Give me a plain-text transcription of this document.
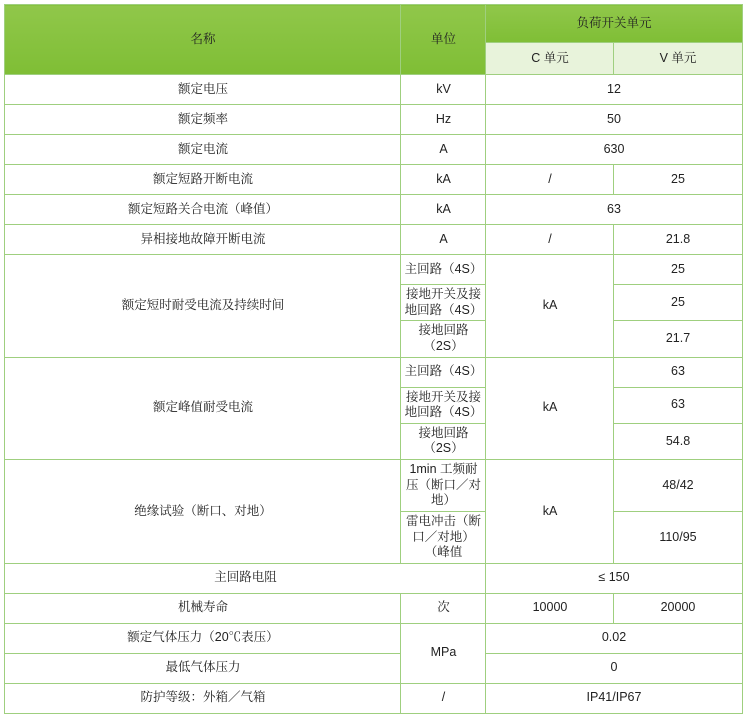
名称	单位	负荷开关单元	
		C 单元	V 单元
额定电压	kV	12	
额定频率	Hz	50	
额定电流	A	630	
额定短路开断电流	kA	/	25
额定短路关合电流（峰值）	kA	63	
异相接地故障开断电流	A	/	21.8
额定短时耐受电流及持续时间	主回路（4S）	kA	25
	接地开关及接地回路（4S）		25
	接地回路（2S）		21.7
额定峰值耐受电流	主回路（4S）	kA	63
	接地开关及接地回路（4S）		63
	接地回路（2S）		54.8
绝缘试验（断口、对地）	1min 工频耐压（断口／对地）	kA	48/42
	雷电冲击（断口／对地）（峰值		110/95
主回路电阻		≤ 150	
机械寿命	次	10000	20000
额定气体压力（20℃表压）	MPa	0.02	
最低气体压力		0	
防护等级：外箱／气箱	/	IP41/IP67	
